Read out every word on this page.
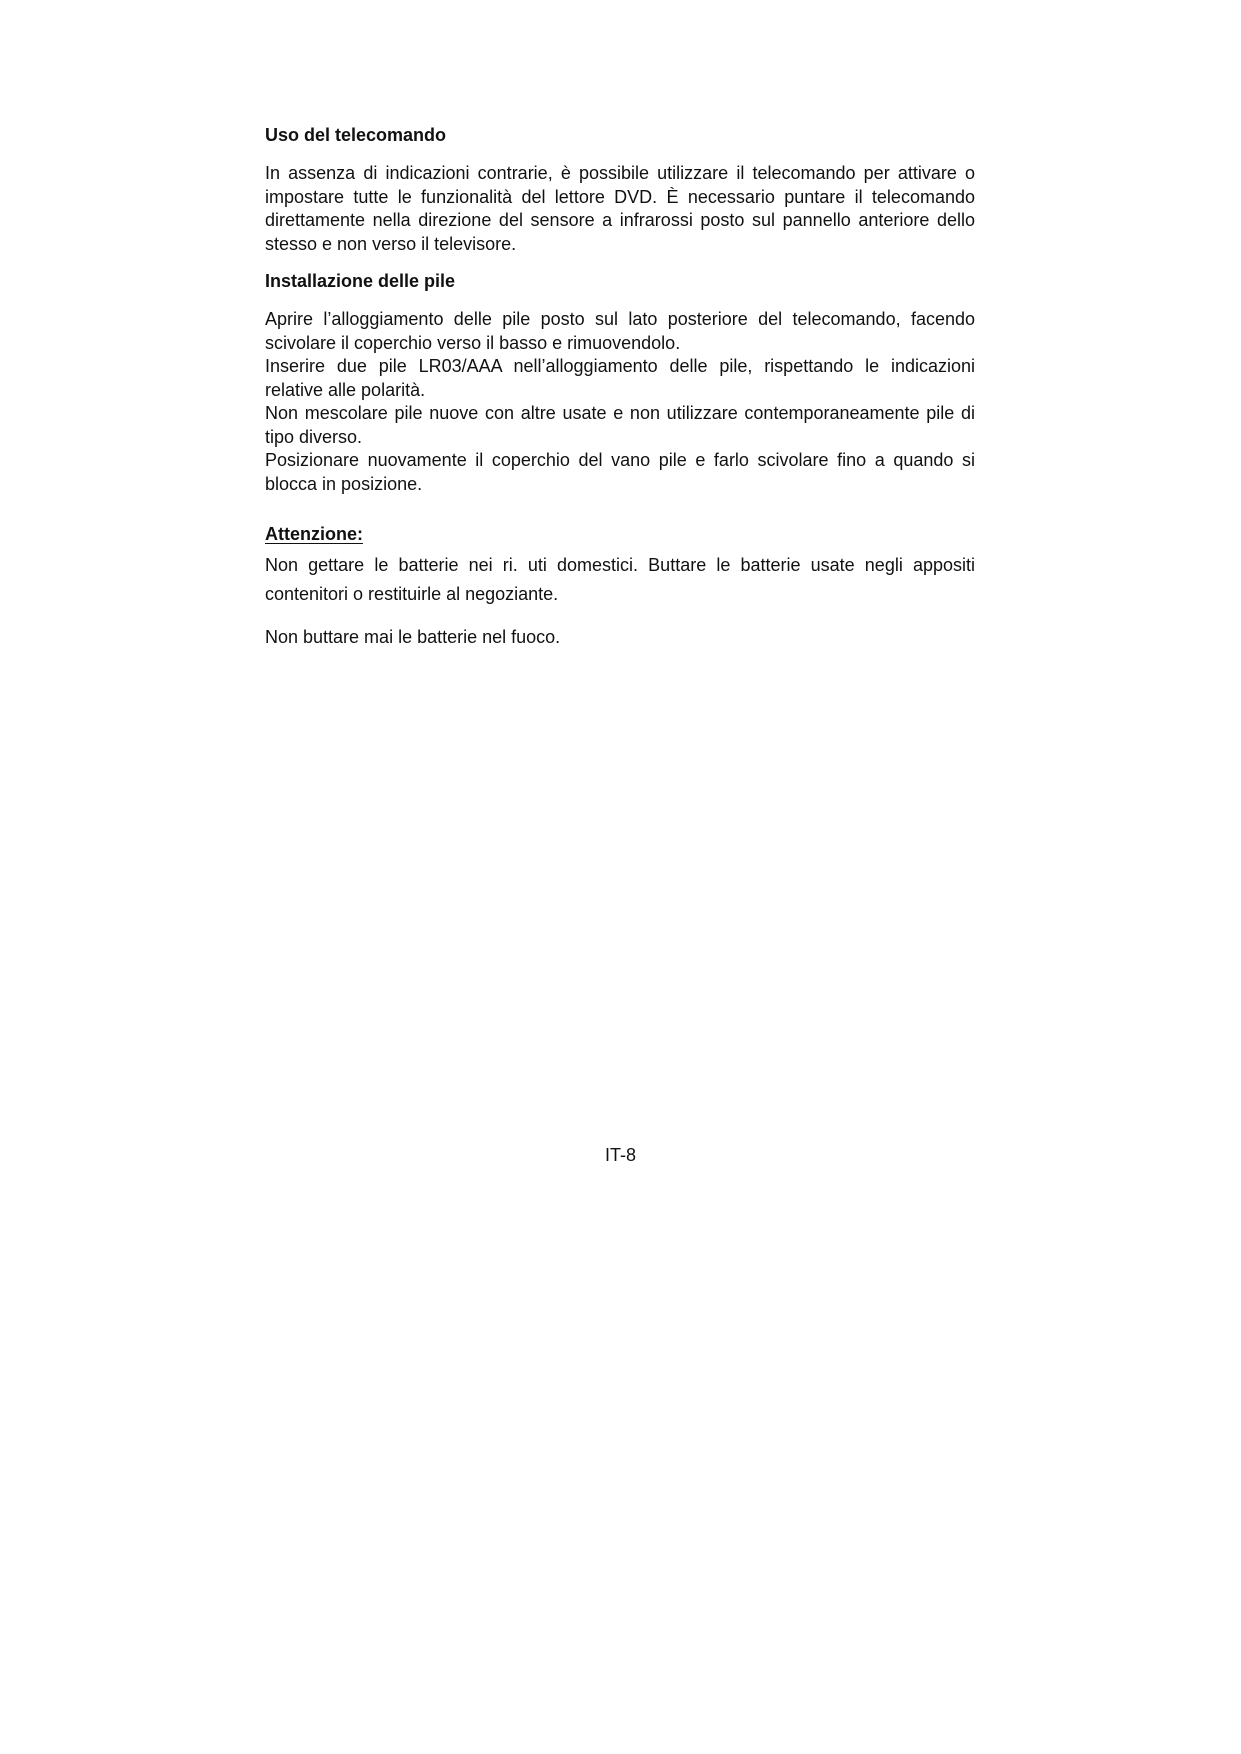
Uso del telecomando

In assenza di indicazioni contrarie, è possibile utilizzare il telecomando per attivare o impostare tutte le funzionalità del lettore DVD. È necessario puntare il telecomando direttamente nella direzione del sensore a infrarossi posto sul pannello anteriore dello stesso e non verso il televisore.

Installazione delle pile
Aprire l’alloggiamento delle pile posto sul lato posteriore del telecomando, facendo scivolare il coperchio verso il basso e rimuovendolo.
Inserire due pile LR03/AAA nell’alloggiamento delle pile, rispettando le indicazioni relative alle polarità.
Non mescolare pile nuove con altre usate e non utilizzare contemporaneamente pile di tipo diverso.
Posizionare nuovamente il coperchio del vano pile e farlo scivolare fino a quando si blocca in posizione.
Attenzione:

Non gettare le batterie nei ri. uti domestici. Buttare le batterie usate negli appositi contenitori o restituirle al negoziante.

Non buttare mai le batterie nel fuoco.

IT-8
